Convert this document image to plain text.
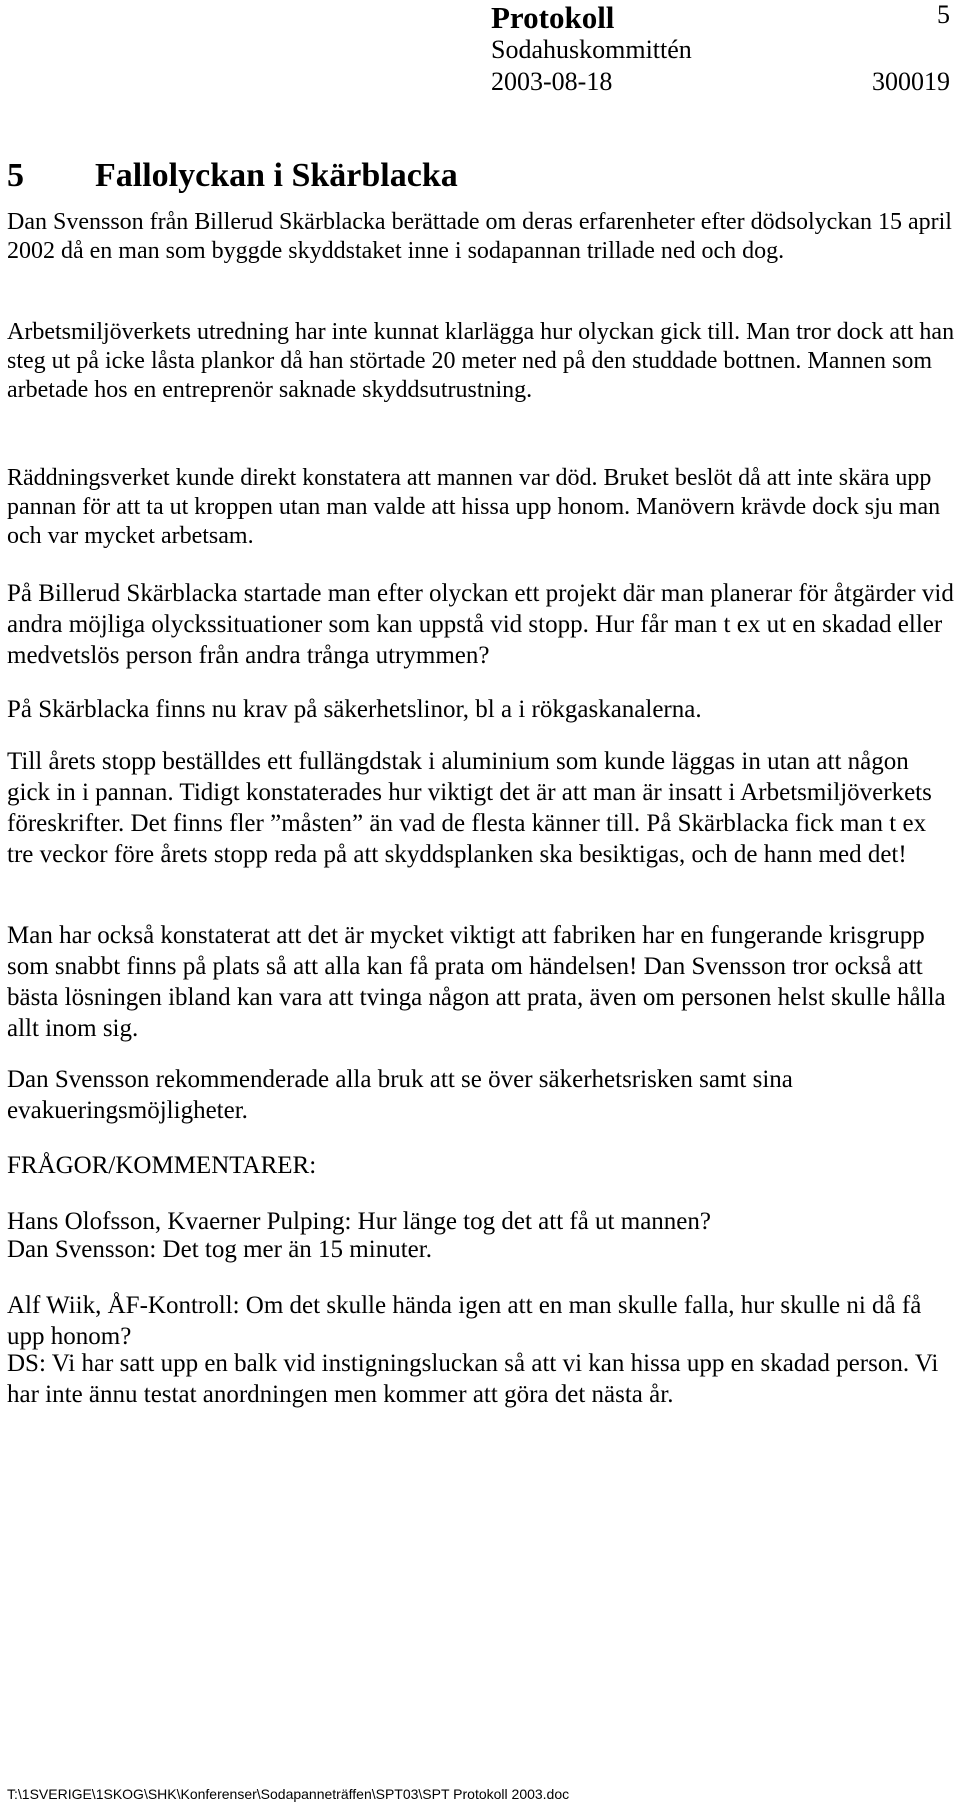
Protokoll	5
Sodahuskommittén
2003-08-18	300019
5 Fallolyckan i Skärblacka

Dan Svensson från Billerud Skärblacka berättade om deras erfarenheter efter dödsolyckan 15 april 2002 då en man som byggde skyddstaket inne i sodapannan trillade ned och dog.

Arbetsmiljöverkets utredning har inte kunnat klarlägga hur olyckan gick till. Man tror dock att han steg ut på icke låsta plankor då han störtade 20 meter ned på den studdade bottnen. Mannen som arbetade hos en entreprenör saknade skyddsutrustning.

Räddningsverket kunde direkt konstatera att mannen var död. Bruket beslöt då att inte skära upp pannan för att ta ut kroppen utan man valde att hissa upp honom. Manövern krävde dock sju man och var mycket arbetsam.

På Billerud Skärblacka startade man efter olyckan ett projekt där man planerar för åtgärder vid andra möjliga olyckssituationer som kan uppstå vid stopp. Hur får man t ex ut en skadad eller medvetslös person från andra trånga utrymmen?

På Skärblacka finns nu krav på säkerhetslinor, bl a i rökgaskanalerna.

Till årets stopp beställdes ett fullängdstak i aluminium som kunde läggas in utan att någon gick in i pannan. Tidigt konstaterades hur viktigt det är att man är insatt i Arbetsmiljöverkets föreskrifter. Det finns fler ”måsten” än vad de flesta känner till. På Skärblacka fick man t ex tre veckor före årets stopp reda på att skyddsplanken ska besiktigas, och de hann med det!

Man har också konstaterat att det är mycket viktigt att fabriken har en fungerande krisgrupp som snabbt finns på plats så att alla kan få prata om händelsen! Dan Svensson tror också att bästa lösningen ibland kan vara att tvinga någon att prata, även om personen helst skulle hålla allt inom sig.

Dan Svensson rekommenderade alla bruk att se över säkerhetsrisken samt sina evakueringsmöjligheter.

FRÅGOR/KOMMENTARER:

Hans Olofsson, Kvaerner Pulping: Hur länge tog det att få ut mannen?

Dan Svensson: Det tog mer än 15 minuter.

Alf Wiik, ÅF-Kontroll: Om det skulle hända igen att en man skulle falla, hur skulle ni då få upp honom?

DS: Vi har satt upp en balk vid instigningsluckan så att vi kan hissa upp en skadad person. Vi har inte ännu testat anordningen men kommer att göra det nästa år.

T:\1SVERIGE\1SKOG\SHK\Konferenser\Sodapanneträffen\SPT03\SPT Protokoll 2003.doc
